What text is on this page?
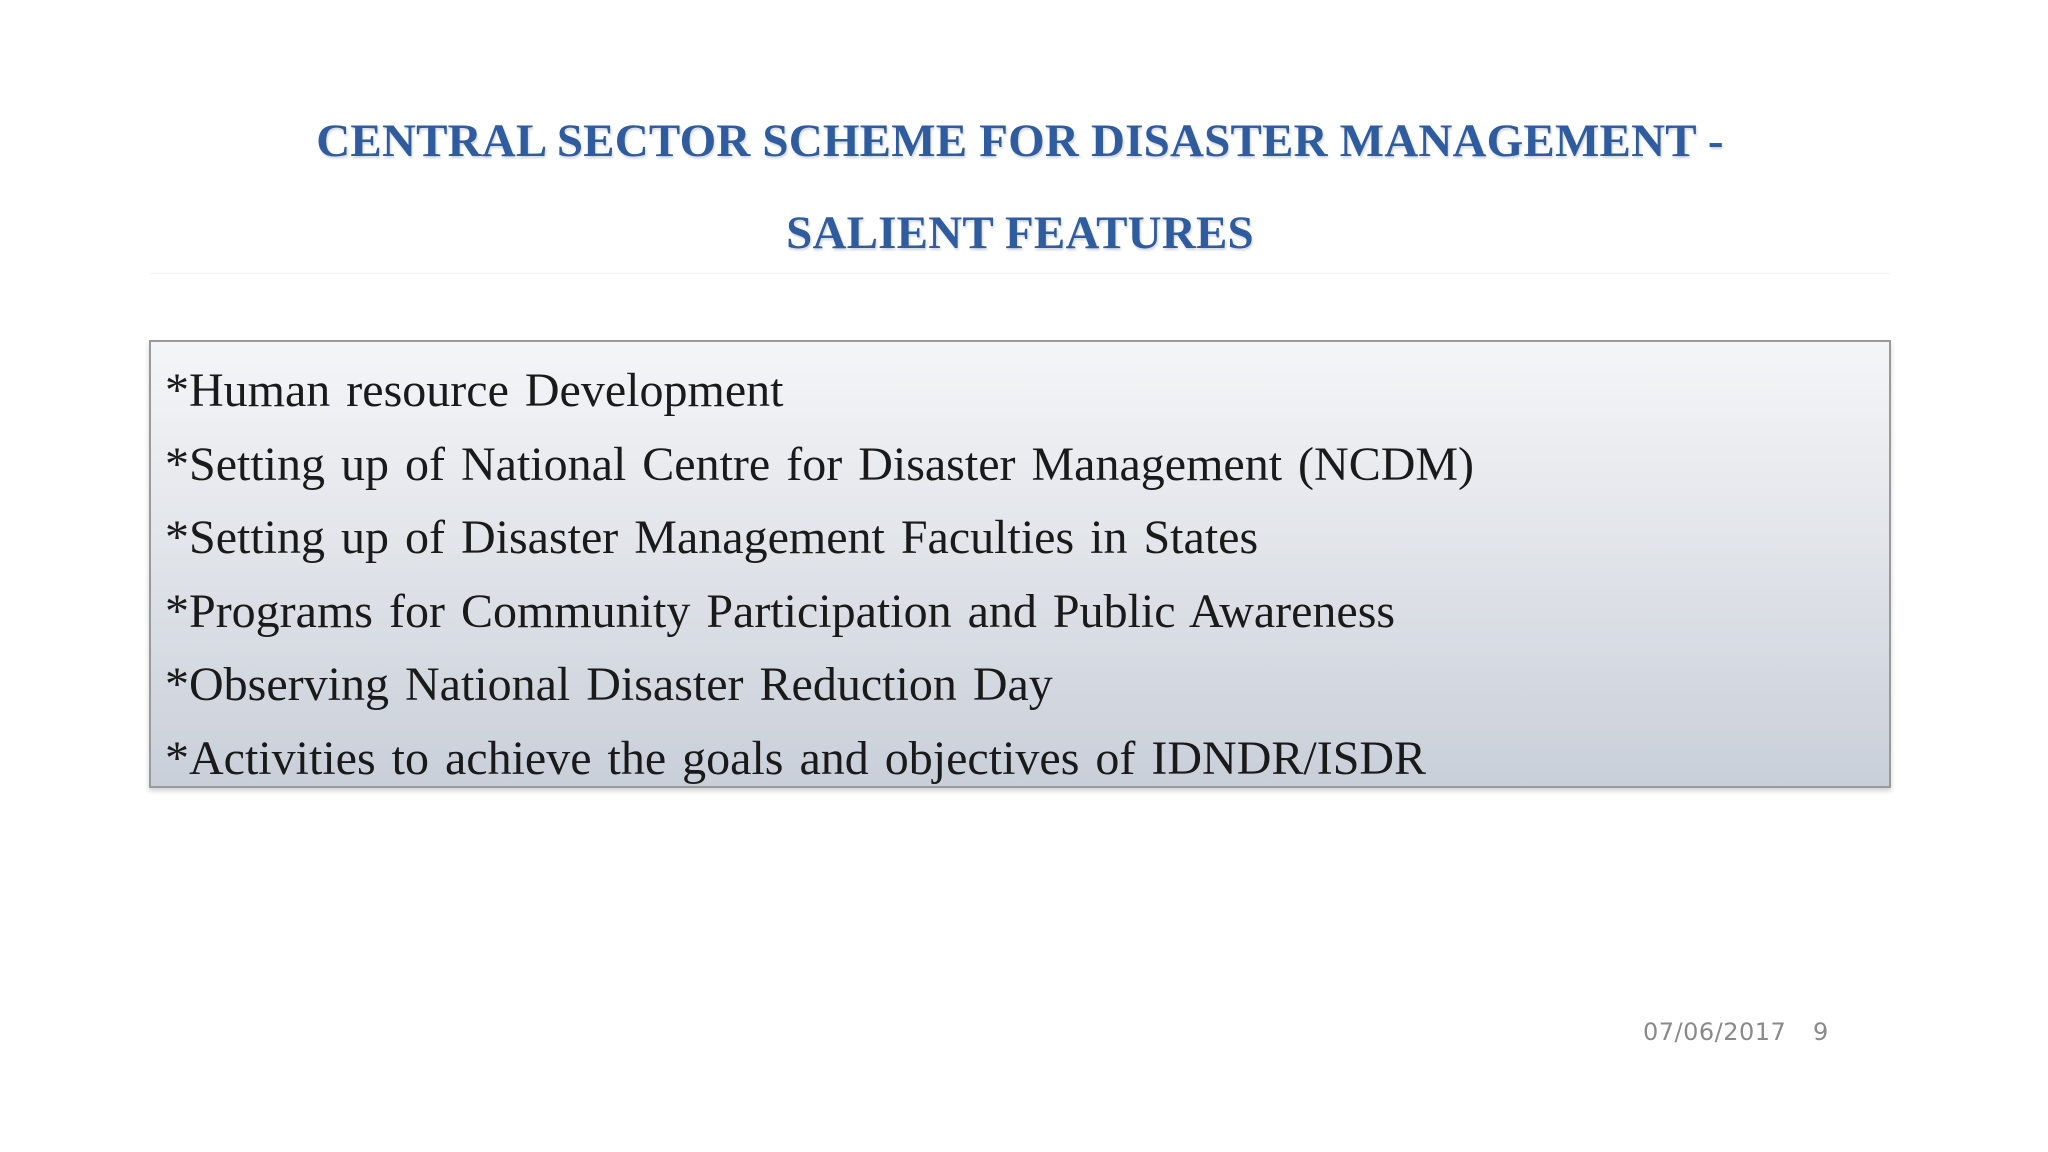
CENTRAL SECTOR SCHEME FOR DISASTER MANAGEMENT -
SALIENT FEATURES
*Human resource Development
*Setting up of National Centre for Disaster Management (NCDM)
*Setting up of Disaster Management Faculties in States
*Programs for Community Participation and Public Awareness
*Observing National Disaster Reduction Day
*Activities to achieve the goals and objectives of IDNDR/ISDR
07/06/2017 9
